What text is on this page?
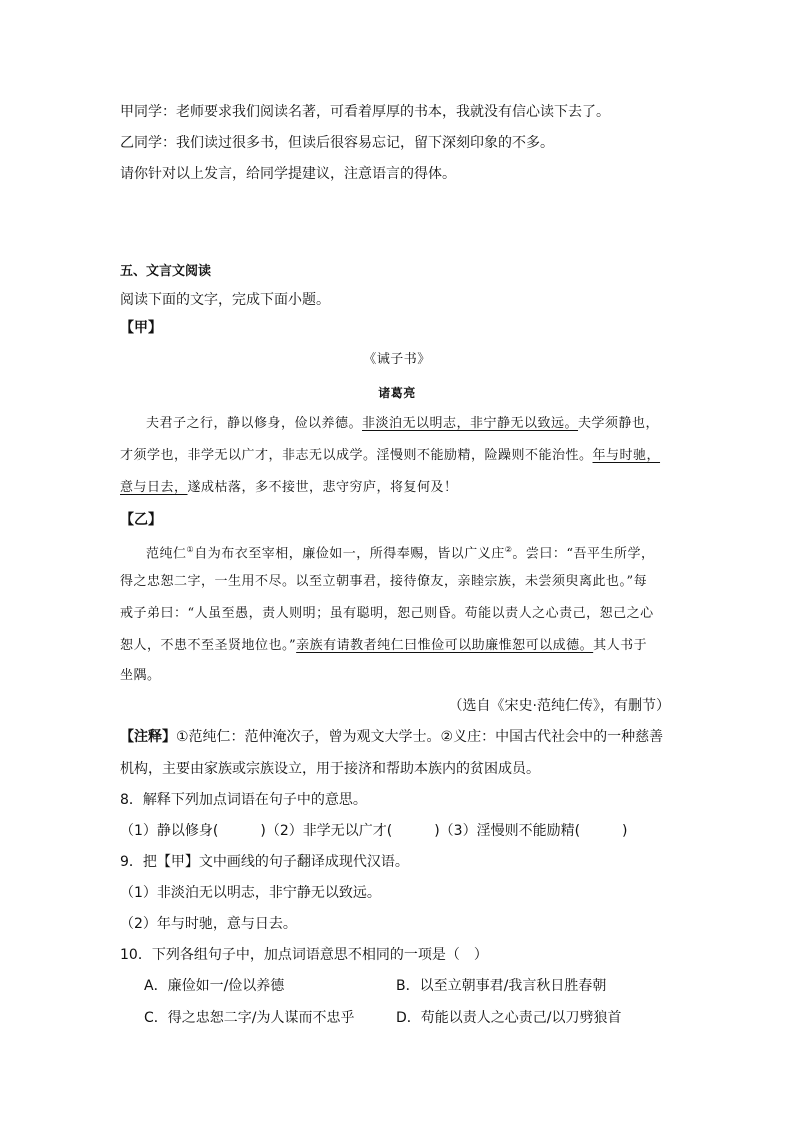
甲同学：老师要求我们阅读名著，可看着厚厚的书本，我就没有信心读下去了。
乙同学：我们读过很多书，但读后很容易忘记，留下深刻印象的不多。
请你针对以上发言，给同学提建议，注意语言的得体。
五、文言文阅读
阅读下面的文字，完成下面小题。
【甲】
《诫子书》
诸葛亮
夫君子之行，静以修身，俭以养德。非淡泊无以明志，非宁静无以致远。夫学须静也，
才须学也，非学无以广才，非志无以成学。淫慢则不能励精，险躁则不能治性。年与时驰，
意与日去，遂成枯落，多不接世，悲守穷庐，将复何及！
【乙】
范纯仁①自为布衣至宰相，廉俭如一，所得奉赐，皆以广义庄②。尝曰：“吾平生所学，
得之忠恕二字，一生用不尽。以至立朝事君，接待僚友，亲睦宗族，未尝须臾离此也。”每
戒子弟曰：“人虽至愚，责人则明；虽有聪明，恕己则昏。苟能以责人之心责己，恕己之心
恕人，不患不至圣贤地位也。”亲族有请教者纯仁曰惟俭可以助廉惟恕可以成德。其人书于
坐隅。
（选自《宋史·范纯仁传》，有删节）
【注释】①范纯仁：范仲淹次子，曾为观文大学士。②义庄：中国古代社会中的一种慈善
机构，主要由家族或宗族设立，用于接济和帮助本族内的贫困成员。
8．解释下列加点词语在句子中的意思。
（1）静以修身(　　　)（2）非学无以广才(　　　)（3）淫慢则不能励精(　　　)
9．把【甲】文中画线的句子翻译成现代汉语。
（1）非淡泊无以明志，非宁静无以致远。
（2）年与时驰，意与日去。
10．下列各组句子中，加点词语意思不相同的一项是（　）
A．廉俭如一/俭以养德	B．以至立朝事君/我言秋日胜春朝
C．得之忠恕二字/为人谋而不忠乎	D．苟能以责人之心责己/以刀劈狼首
